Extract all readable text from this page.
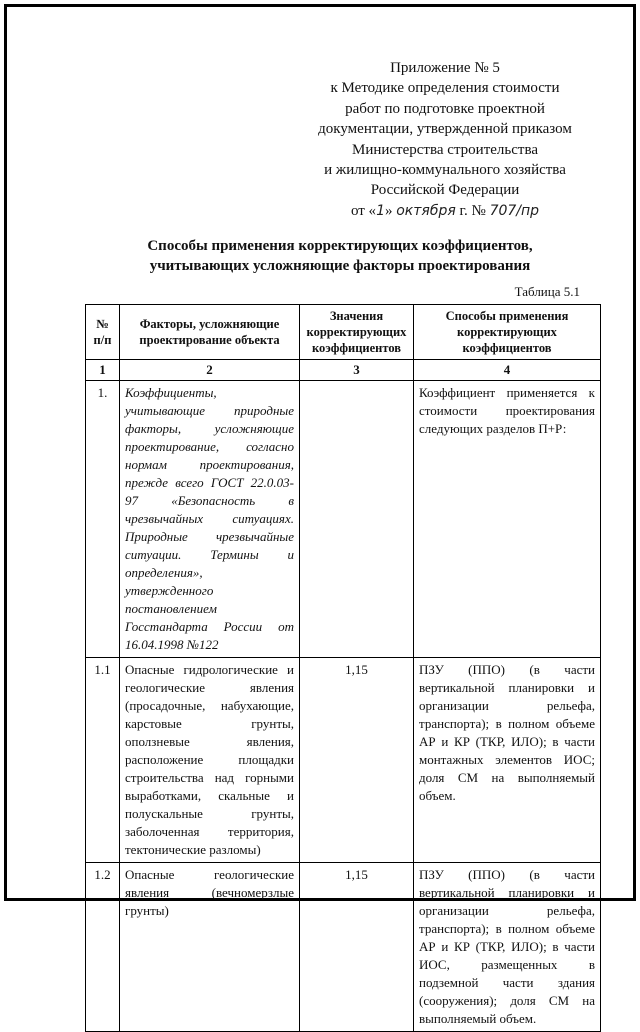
Приложение № 5
к Методике определения стоимости
работ по подготовке проектной
документации, утвержденной приказом
Министерства строительства
и жилищно-коммунального хозяйства
Российской Федерации
от «1» октября г. № 707/пр
Способы применения корректирующих коэффициентов,
учитывающих усложняющие факторы проектирования
Таблица 5.1
№ п/п	Факторы, усложняющие проектирование объекта	Значения корректирующих коэффициентов	Способы применения корректирующих коэффициентов
1	2	3	4
1.	Коэффициенты, учитывающие природные факторы, усложняющие проектирование, согласно нормам проектирования, прежде всего ГОСТ 22.0.03-97 «Безопасность в чрезвычайных ситуациях. Природные чрезвычайные ситуации. Термины и определения», утвержденного постановлением Госстандарта России от 16.04.1998 №122		Коэффициент применяется к стоимости проектирования следующих разделов П+Р:
1.1	Опасные гидрологические и геологические явления (просадочные, набухающие, карстовые грунты, оползневые явления, расположение площадки строительства над горными выработками, скальные и полускальные грунты, заболоченная территория, тектонические разломы)	1,15	ПЗУ (ППО) (в части вертикальной планировки и организации рельефа, транспорта); в полном объеме АР и КР (ТКР, ИЛО); в части монтажных элементов ИОС; доля СМ на выполняемый объем.
1.2	Опасные геологические явления (вечномерзлые грунты)	1,15	ПЗУ (ППО) (в части вертикальной планировки и организации рельефа, транспорта); в полном объеме АР и КР (ТКР, ИЛО); в части ИОС, размещенных в подземной части здания (сооружения); доля СМ на выполняемый объем.
